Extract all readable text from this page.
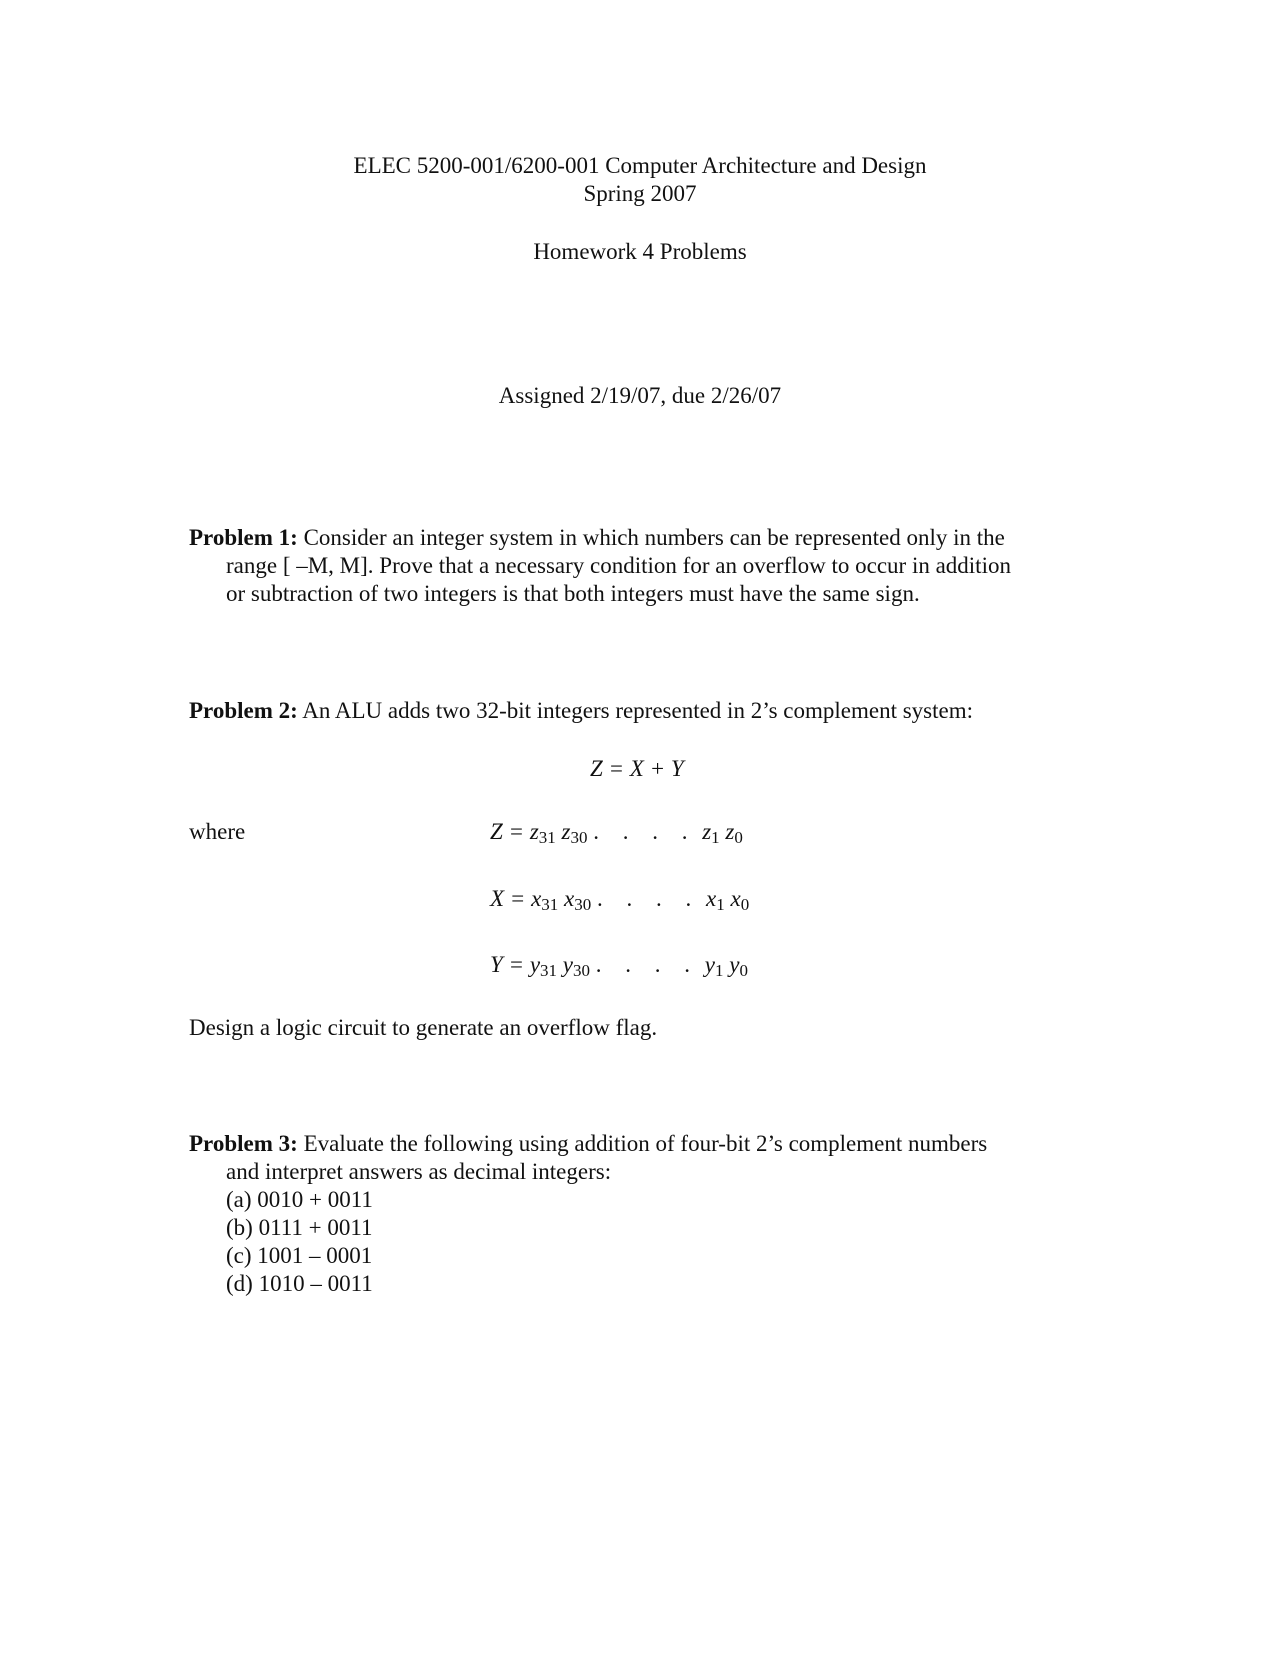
ELEC 5200-001/6200-001 Computer Architecture and Design
Spring 2007
Homework 4 Problems
Assigned 2/19/07, due 2/26/07
Problem 1: Consider an integer system in which numbers can be represented only in the
range [ –M, M]. Prove that a necessary condition for an overflow to occur in addition
or subtraction of two integers is that both integers must have the same sign.
Problem 2: An ALU adds two 32-bit integers represented in 2’s complement system:
Z = X + Y
where	Z = z31 z30 . . . . z1 z0
X = x31 x30 . . . . x1 x0
Y = y31 y30 . . . . y1 y0
Design a logic circuit to generate an overflow flag.
Problem 3: Evaluate the following using addition of four-bit 2’s complement numbers
and interpret answers as decimal integers:
(a) 0010 + 0011
(b) 0111 + 0011
(c) 1001 – 0001
(d) 1010 – 0011
